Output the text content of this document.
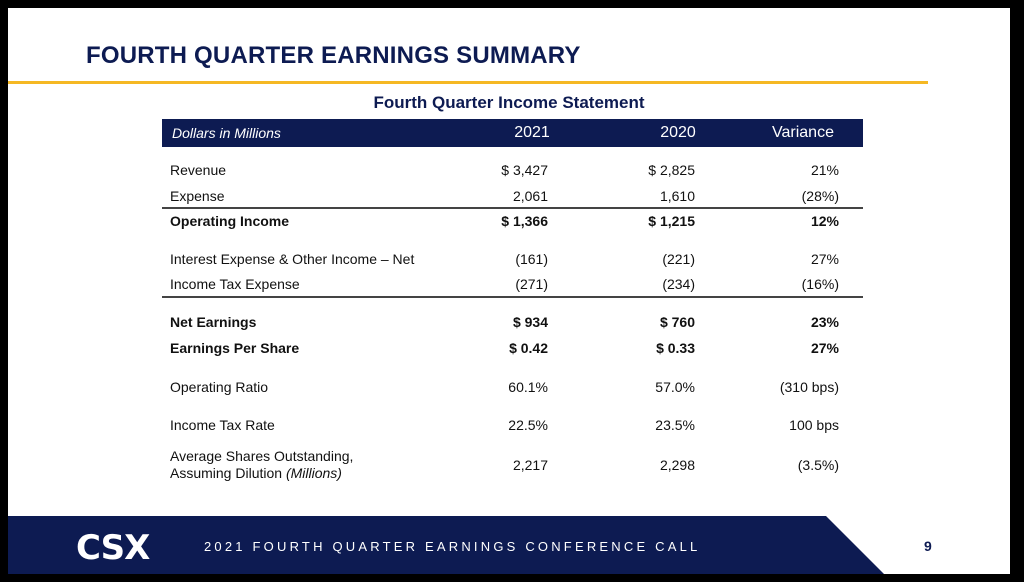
FOURTH QUARTER EARNINGS SUMMARY
Fourth Quarter Income Statement
Dollars in Millions	2021	2020	Variance
Revenue	$ 3,427	$ 2,825	21%
Expense	2,061	1,610	(28%)
Operating Income	$ 1,366	$ 1,215	12%
Interest Expense & Other Income – Net	(161)	(221)	27%
Income Tax Expense	(271)	(234)	(16%)
Net Earnings	$ 934	$ 760	23%
Earnings Per Share	$ 0.42	$ 0.33	27%
Operating Ratio	60.1%	57.0%	(310 bps)
Income Tax Rate	22.5%	23.5%	100 bps
Average Shares Outstanding,
Assuming Dilution (Millions)	2,217	2,298	(3.5%)
CSX	2021 FOURTH QUARTER EARNINGS CONFERENCE CALL	9
